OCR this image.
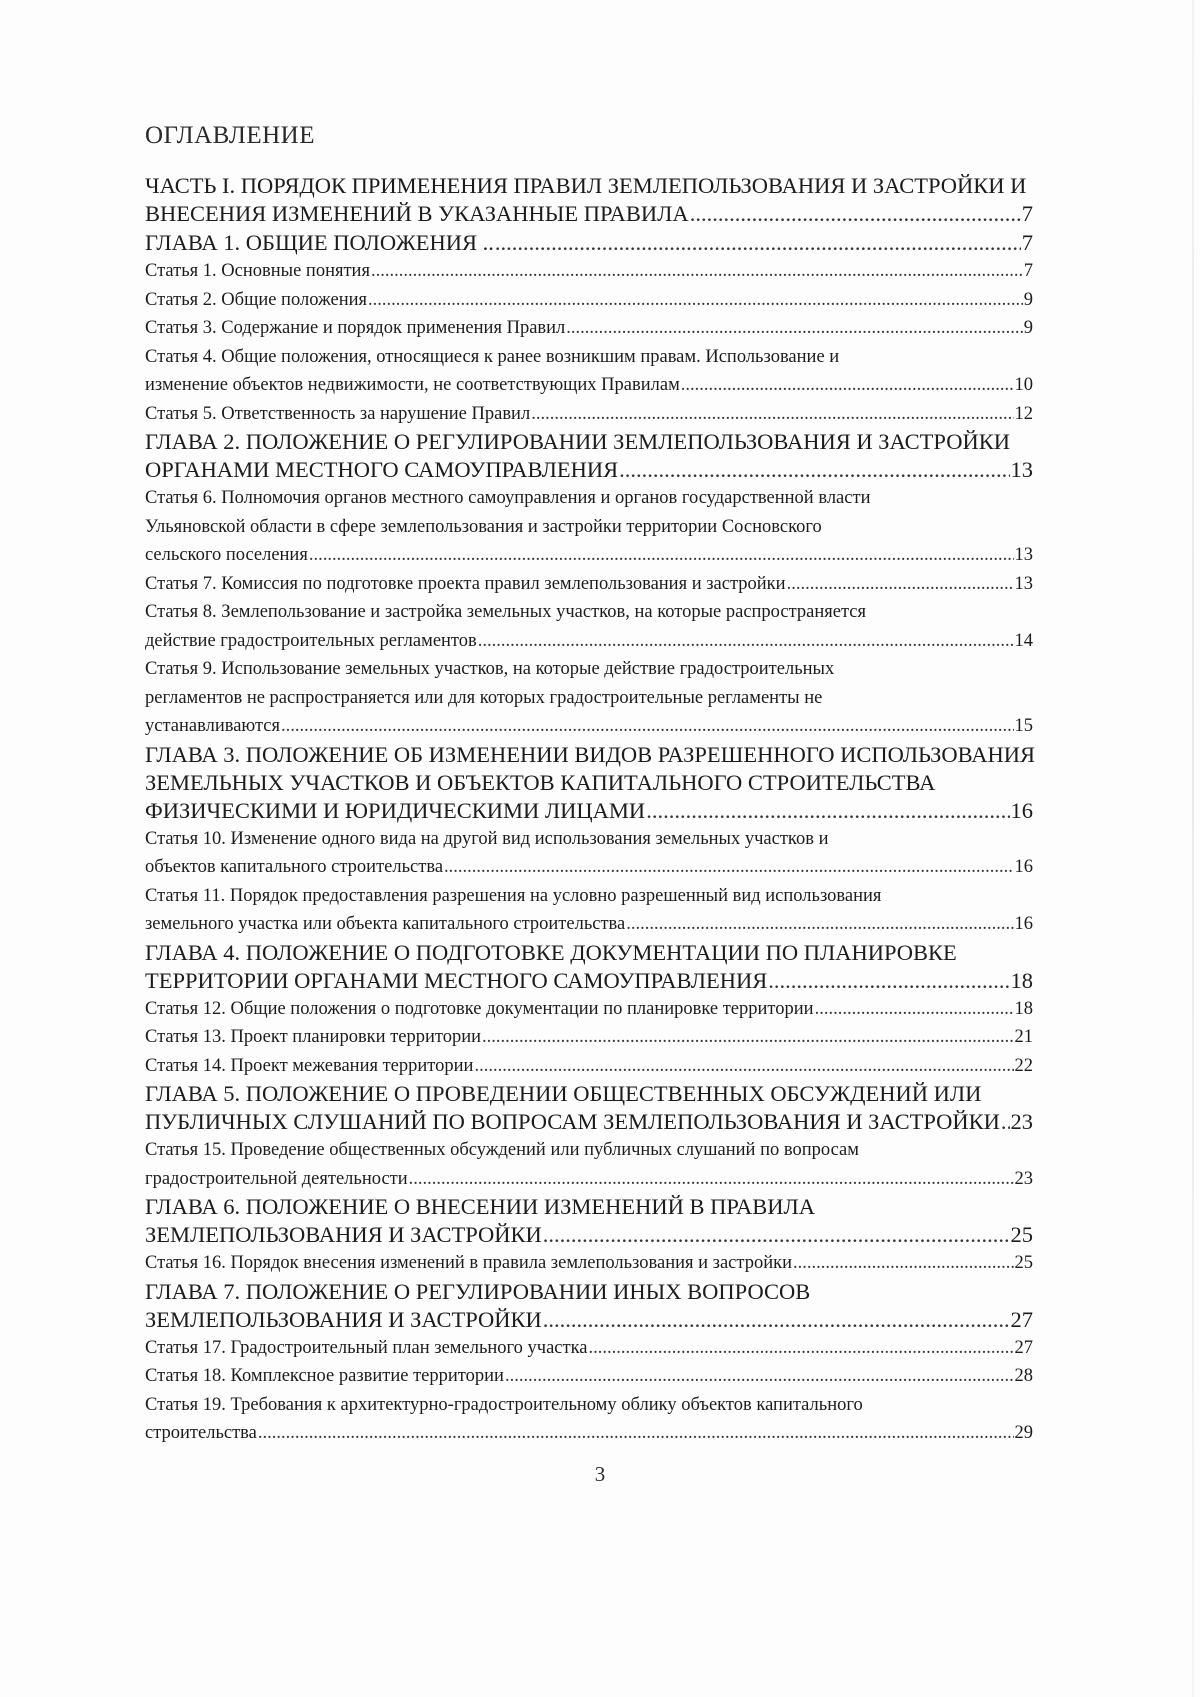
ОГЛАВЛЕНИЕ
ЧАСТЬ I. ПОРЯДОК ПРИМЕНЕНИЯ ПРАВИЛ ЗЕМЛЕПОЛЬЗОВАНИЯ И ЗАСТРОЙКИ И
ВНЕСЕНИЯ ИЗМЕНЕНИЙ В УКАЗАННЫЕ ПРАВИЛА .....	7
ГЛАВА 1. ОБЩИЕ ПОЛОЖЕНИЯ .. .....	7
Статья 1. Основные понятия .....	7
Статья 2. Общие положения .....	9
Статья 3. Содержание и порядок применения Правил .....	9
Статья 4. Общие положения, относящиеся к ранее возникшим правам. Использование и
изменение объектов недвижимости, не соответствующих Правилам .....	10
Статья 5. Ответственность за нарушение Правил .....	12
ГЛАВА 2. ПОЛОЖЕНИЕ О РЕГУЛИРОВАНИИ ЗЕМЛЕПОЛЬЗОВАНИЯ И ЗАСТРОЙКИ
ОРГАНАМИ МЕСТНОГО САМОУПРАВЛЕНИЯ .....	13
Статья 6. Полномочия органов местного самоуправления и органов государственной власти
Ульяновской области в сфере землепользования и застройки территории Сосновского
сельского поселения .....	13
Статья 7. Комиссия по подготовке проекта правил землепользования и застройки .....	13
Статья 8. Землепользование и застройка земельных участков, на которые распространяется
действие градостроительных регламентов .....	14
Статья 9. Использование земельных участков, на которые действие градостроительных
регламентов не распространяется или для которых градостроительные регламенты не
устанавливаются .....	15
ГЛАВА 3. ПОЛОЖЕНИЕ ОБ ИЗМЕНЕНИИ ВИДОВ РАЗРЕШЕННОГО ИСПОЛЬЗОВАНИЯ
ЗЕМЕЛЬНЫХ УЧАСТКОВ И ОБЪЕКТОВ КАПИТАЛЬНОГО СТРОИТЕЛЬСТВА
ФИЗИЧЕСКИМИ И ЮРИДИЧЕСКИМИ ЛИЦАМИ .....	16
Статья 10. Изменение одного вида на другой вид использования земельных участков и
объектов капитального строительства .....	16
Статья 11. Порядок предоставления разрешения на условно разрешенный вид использования
земельного участка или объекта капитального строительства .....	16
ГЛАВА 4. ПОЛОЖЕНИЕ О ПОДГОТОВКЕ ДОКУМЕНТАЦИИ ПО ПЛАНИРОВКЕ
ТЕРРИТОРИИ ОРГАНАМИ МЕСТНОГО САМОУПРАВЛЕНИЯ .....	18
Статья 12. Общие положения о подготовке документации по планировке территории .....	18
Статья 13. Проект планировки территории .....	21
Статья 14. Проект межевания территории .....	22
ГЛАВА 5. ПОЛОЖЕНИЕ О ПРОВЕДЕНИИ ОБЩЕСТВЕННЫХ ОБСУЖДЕНИЙ ИЛИ
ПУБЛИЧНЫХ СЛУШАНИЙ ПО ВОПРОСАМ ЗЕМЛЕПОЛЬЗОВАНИЯ И ЗАСТРОЙКИ ..... 23
Статья 15. Проведение общественных обсуждений или публичных слушаний по вопросам
градостроительной деятельности .....	23
ГЛАВА 6. ПОЛОЖЕНИЕ О ВНЕСЕНИИ ИЗМЕНЕНИЙ В ПРАВИЛА
ЗЕМЛЕПОЛЬЗОВАНИЯ И ЗАСТРОЙКИ .....	25
Статья 16. Порядок внесения изменений в правила землепользования и застройки .....	25
ГЛАВА 7. ПОЛОЖЕНИЕ О РЕГУЛИРОВАНИИ ИНЫХ ВОПРОСОВ
ЗЕМЛЕПОЛЬЗОВАНИЯ И ЗАСТРОЙКИ .....	27
Статья 17. Градостроительный план земельного участка .....	27
Статья 18. Комплексное развитие территории .....	28
Статья 19. Требования к архитектурно-градостроительному облику объектов капитального
строительства .....	29
3
